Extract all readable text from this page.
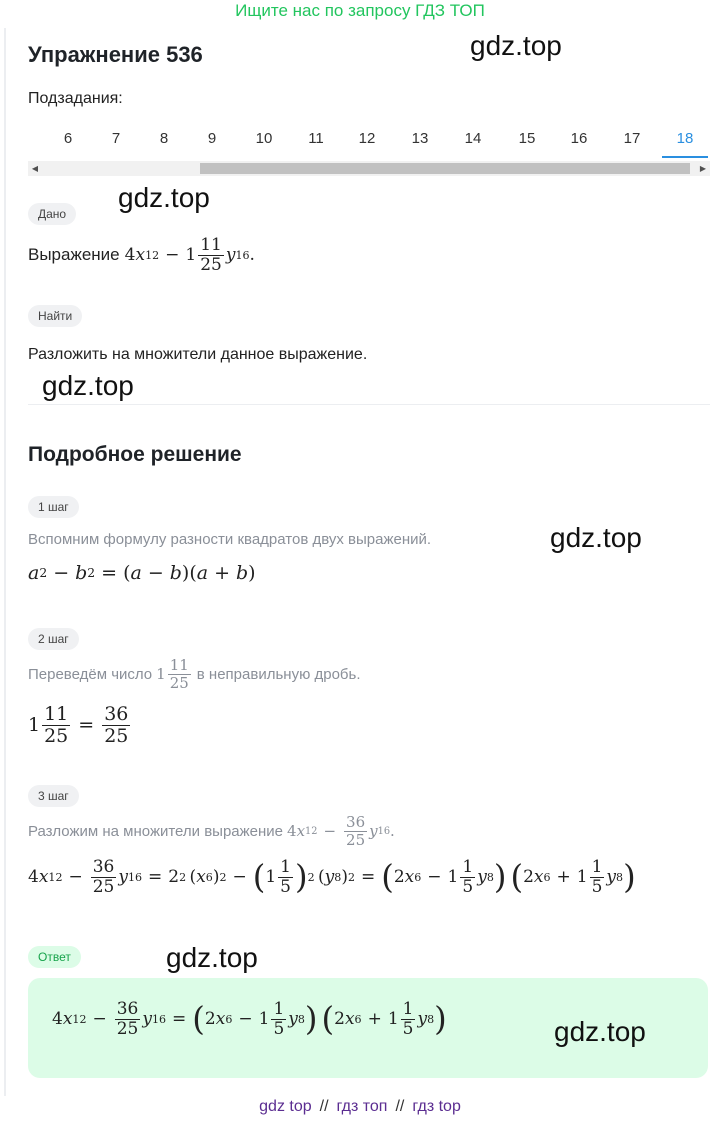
Ищите нас по запросу ГДЗ ТОП
Упражнение 536	gdz.top
Подзадания:
6	7	8	9	10	11	12	13	14	15	16	17	18
◀	▶
Дано
gdz.top
Выражение 4 x $12 - 1 \frac{11}{25}$ y 16 .
Найти
Разложить на множители данное выражение.
gdz.top
Подробное решение
1 шаг
Вспомним формулу разности квадратов двух выражений.	gdz.top
a 2 − b 2 = ( a − b )( a + b )
2 шаг
Переведём число $1 \frac{11}{25}$ в неправильную дробь.
$1 \frac{11}{25} = \frac{36}{25}$
3 шаг
Разложим на множители выражение 4 x $12 - \frac{36}{25}$ y 16 .
4 x $12 - \frac{36}{25}$ y 16 = 2 2  ( x 6 ) 2 − ( $1 \frac{1}{5}$ ) 2  ( y 8 ) 2 = ( 2 x $6 - 1 \frac{1}{5}$ y 8 ) ( 2 x $6 + 1 \frac{1}{5}$ y 8 )
Ответ	gdz.top
4 x $12 - \frac{36}{25}$ y 16 = ( 2 x $6 - 1 \frac{1}{5}$ y 8 ) ( 2 x $6 + 1 \frac{1}{5}$ y 8 )	gdz.top
gdz top // гдз топ // гдз top
